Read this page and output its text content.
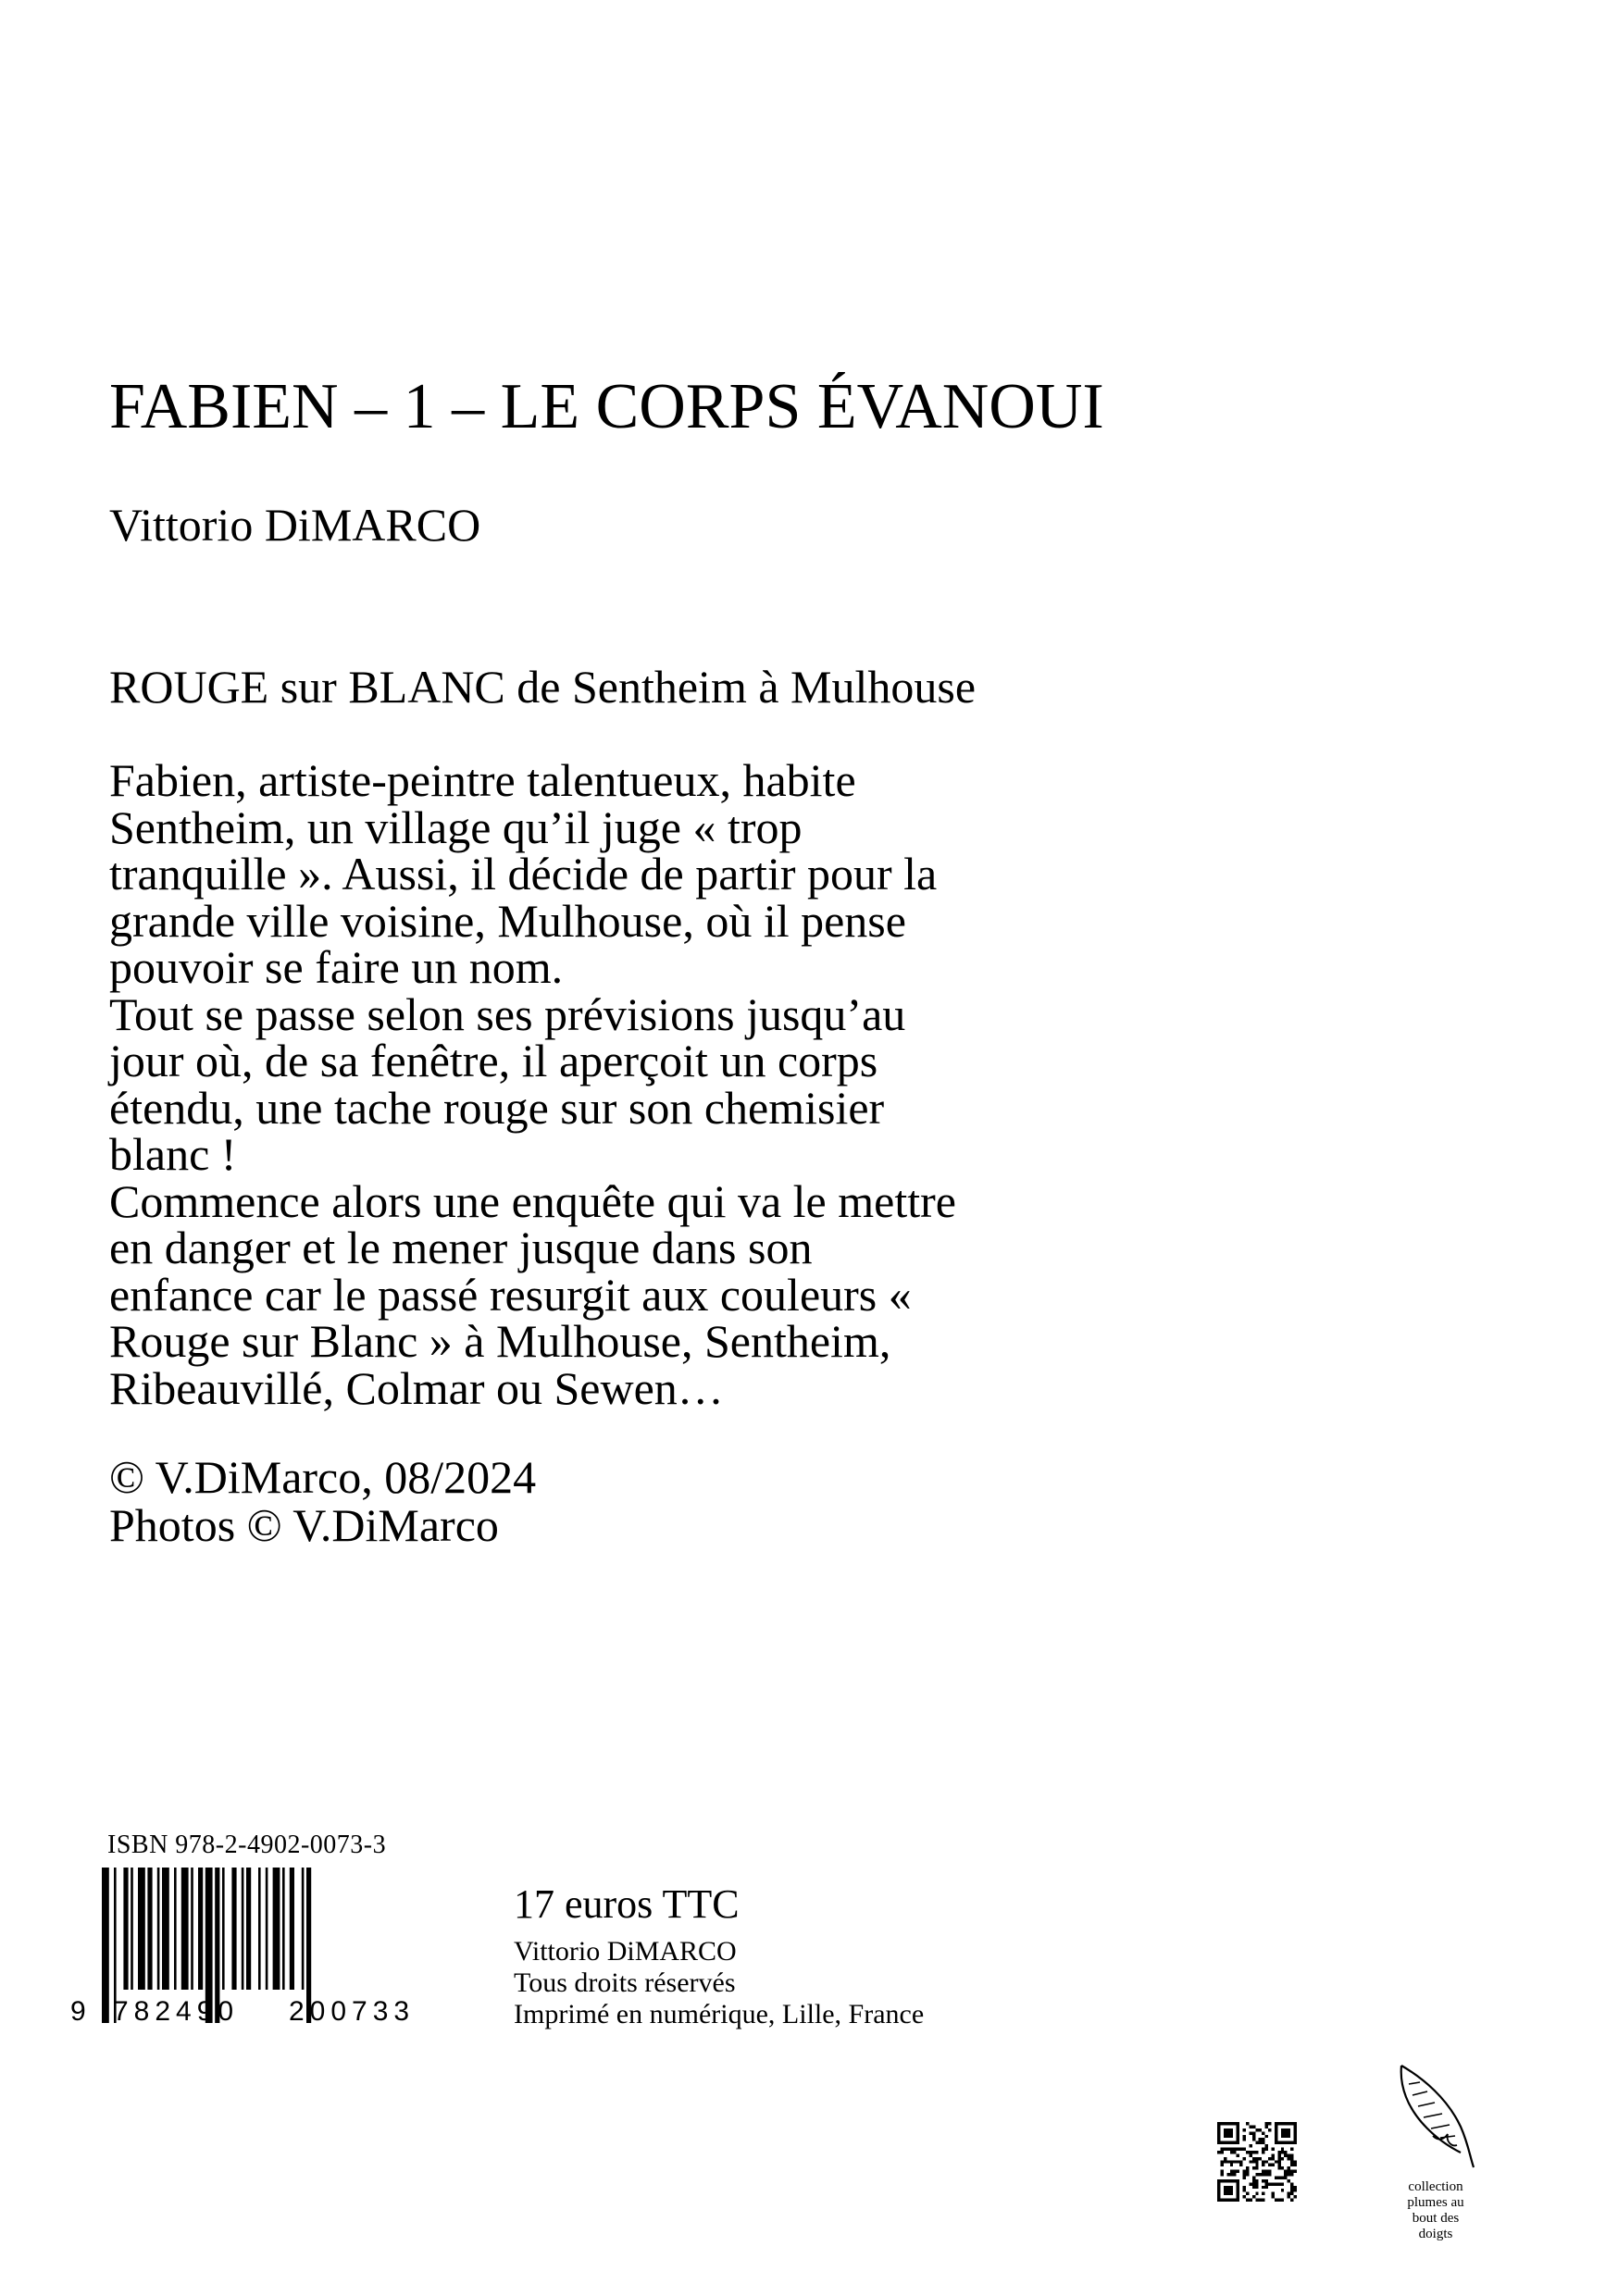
FABIEN – 1 – LE CORPS ÉVANOUI
Vittorio DiMARCO
ROUGE sur BLANC de Sentheim à Mulhouse
Fabien, artiste-peintre talentueux, habite
Sentheim, un village qu’il juge « trop
tranquille ». Aussi, il décide de partir pour la
grande ville voisine, Mulhouse, où il pense
pouvoir se faire un nom.
Tout se passe selon ses prévisions jusqu’au
jour où, de sa fenêtre, il aperçoit un corps
étendu, une tache rouge sur son chemisier
blanc !
Commence alors une enquête qui va le mettre
en danger et le mener jusque dans son
enfance car le passé resurgit aux couleurs «
Rouge sur Blanc » à Mulhouse, Sentheim,
Ribeauvillé, Colmar ou Sewen…
© V.DiMarco, 08/2024
Photos © V.DiMarco
ISBN 978-2-4902-0073-3
9 782490 200733
17 euros TTC
Vittorio DiMARCO
Tous droits réservés
Imprimé en numérique, Lille, France
collection
plumes au
bout des
doigts
